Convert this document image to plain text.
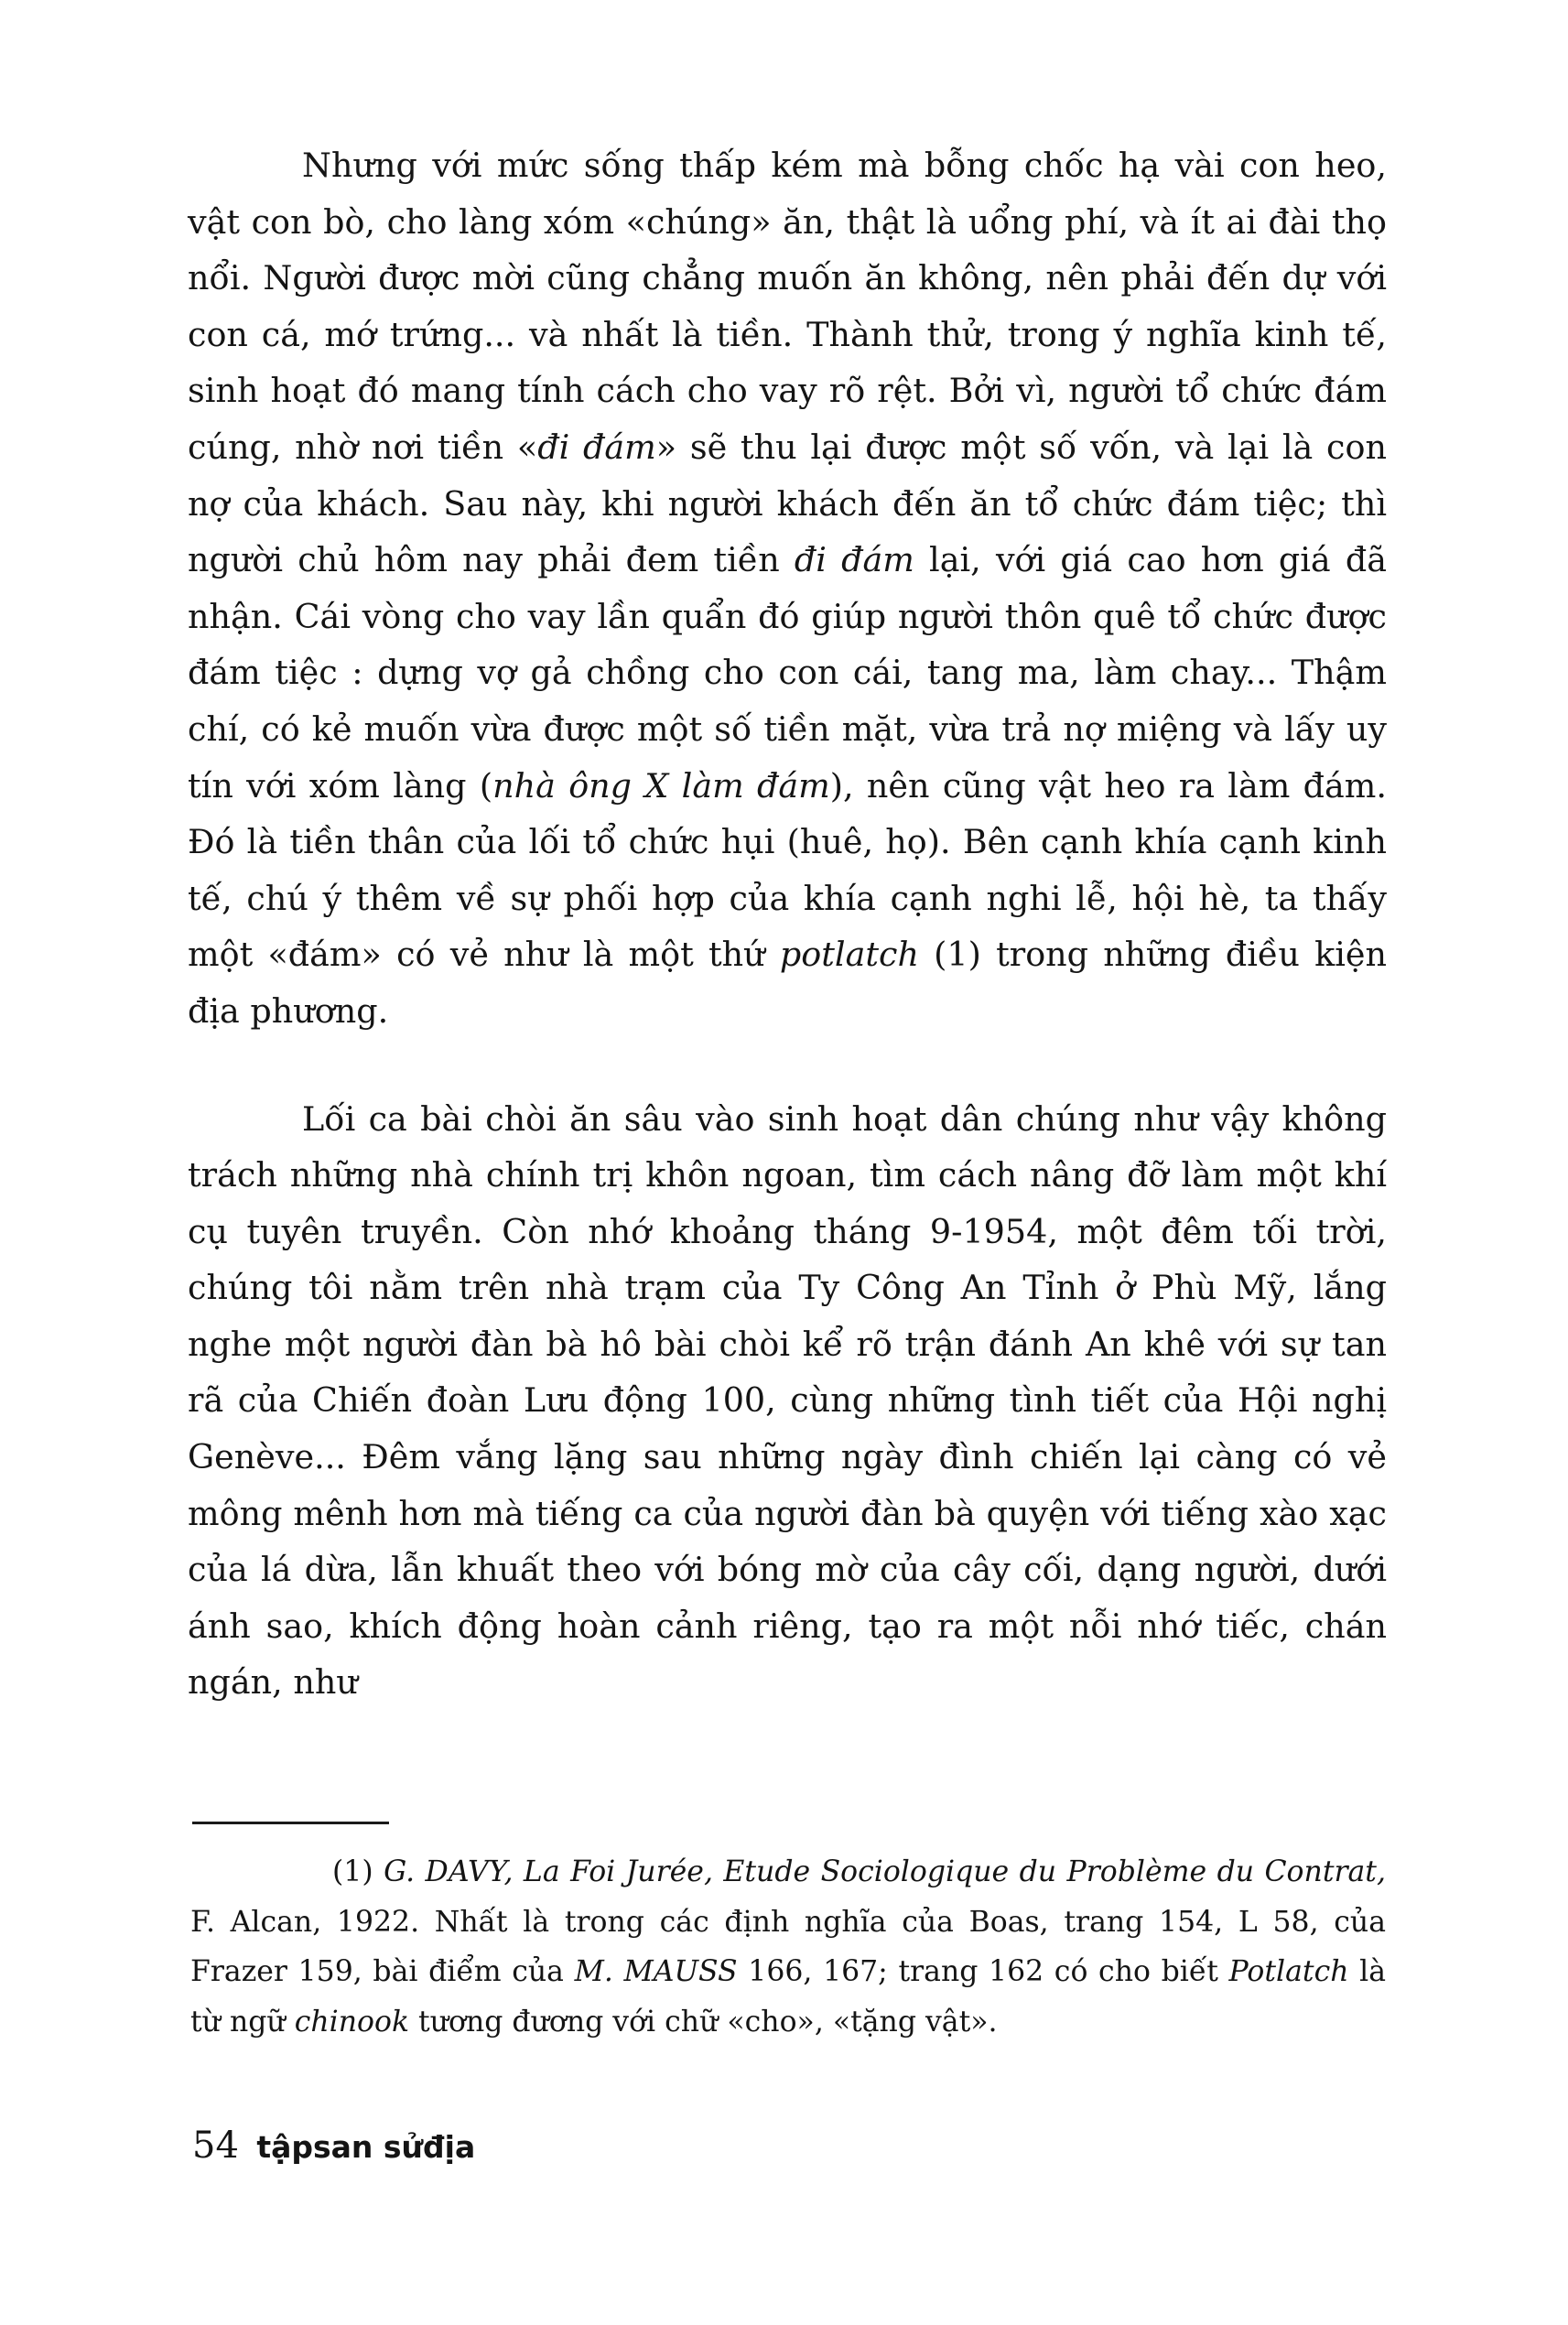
Nhưng với mức sống thấp kém mà bỗng chốc hạ vài con heo, vật con bò, cho làng xóm «chúng» ăn, thật là uổng phí, và ít ai đài thọ nổi. Người được mời cũng chẳng muốn ăn không, nên phải đến dự với con cá, mớ trứng... và nhất là tiền. Thành thử, trong ý nghĩa kinh tế, sinh hoạt đó mang tính cách cho vay rõ rệt. Bởi vì, người tổ chức đám cúng, nhờ nơi tiền «đi đám» sẽ thu lại được một số vốn, và lại là con nợ của khách. Sau này, khi người khách đến ăn tổ chức đám tiệc; thì người chủ hôm nay phải đem tiền đi đám lại, với giá cao hơn giá đã nhận. Cái vòng cho vay lần quẩn đó giúp người thôn quê tổ chức được đám tiệc : dựng vợ gả chồng cho con cái, tang ma, làm chay... Thậm chí, có kẻ muốn vừa được một số tiền mặt, vừa trả nợ miệng và lấy uy tín với xóm làng (nhà ông X làm đám), nên cũng vật heo ra làm đám. Đó là tiền thân của lối tổ chức hụi (huê, họ). Bên cạnh khía cạnh kinh tế, chú ý thêm về sự phối hợp của khía cạnh nghi lễ, hội hè, ta thấy một «đám» có vẻ như là một thứ potlatch (1) trong những điều kiện địa phương.

Lối ca bài chòi ăn sâu vào sinh hoạt dân chúng như vậy không trách những nhà chính trị khôn ngoan, tìm cách nâng đỡ làm một khí cụ tuyên truyền. Còn nhớ khoảng tháng 9-1954, một đêm tối trời, chúng tôi nằm trên nhà trạm của Ty Công An Tỉnh ở Phù Mỹ, lắng nghe một người đàn bà hô bài chòi kể rõ trận đánh An khê với sự tan rã của Chiến đoàn Lưu động 100, cùng những tình tiết của Hội nghị Genève... Đêm vắng lặng sau những ngày đình chiến lại càng có vẻ mông mênh hơn mà tiếng ca của người đàn bà quyện với tiếng xào xạc của lá dừa, lẫn khuất theo với bóng mờ của cây cối, dạng người, dưới ánh sao, khích động hoàn cảnh riêng, tạo ra một nỗi nhớ tiếc, chán ngán, như

(1) G. DAVY, La Foi Jurée, Etude Sociologique du Problème du Contrat, F. Alcan, 1922. Nhất là trong các định nghĩa của Boas, trang 154, L 58, của Frazer 159, bài điểm của M. MAUSS 166, 167; trang 162 có cho biết Potlatch là từ ngữ chinook tương đương với chữ «cho», «tặng vật».

54 tậpsan sửđịa
